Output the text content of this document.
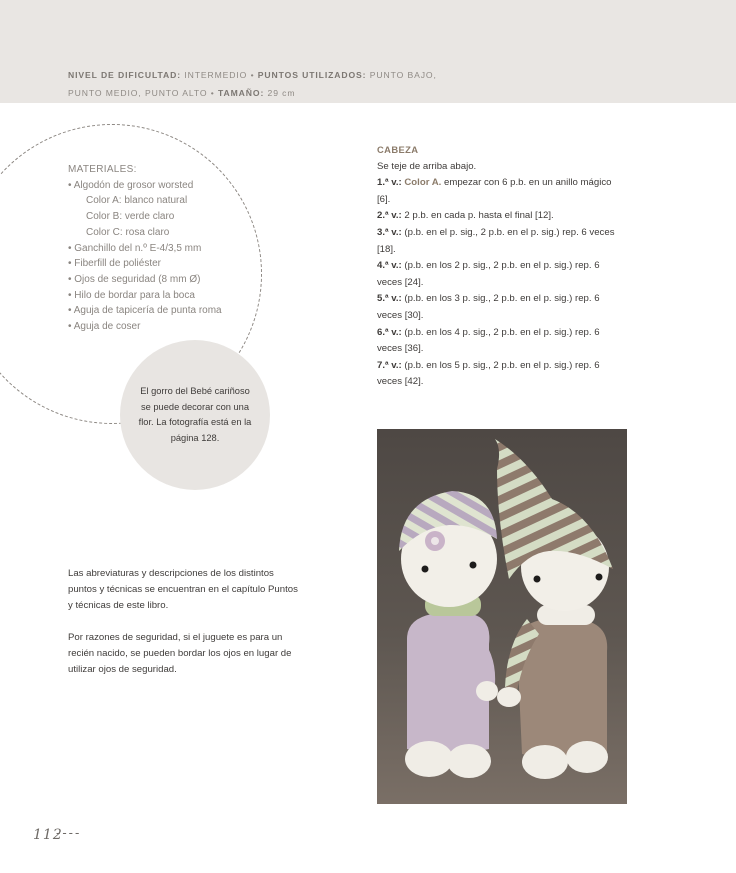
NIVEL DE DIFICULTAD: INTERMEDIO • PUNTOS UTILIZADOS: PUNTO BAJO,
PUNTO MEDIO, PUNTO ALTO • TAMAÑO: 29 cm
MATERIALES:
• Algodón de grosor worsted
Color A: blanco natural
Color B: verde claro
Color C: rosa claro
• Ganchillo del n.º E-4/3,5 mm
• Fiberfill de poliéster
• Ojos de seguridad (8 mm Ø)
• Hilo de bordar para la boca
• Aguja de tapicería de punta roma
• Aguja de coser
El gorro del Bebé cariñoso se puede decorar con una flor. La fotografía está en la página 128.
CABEZA
Se teje de arriba abajo.
1.ª v.: Color A. empezar con 6 p.b. en un anillo mágico [6].
2.ª v.: 2 p.b. en cada p. hasta el final [12].
3.ª v.: (p.b. en el p. sig., 2 p.b. en el p. sig.) rep. 6 veces [18].
4.ª v.: (p.b. en los 2 p. sig., 2 p.b. en el p. sig.) rep. 6 veces [24].
5.ª v.: (p.b. en los 3 p. sig., 2 p.b. en el p. sig.) rep. 6 veces [30].
6.ª v.: (p.b. en los 4 p. sig., 2 p.b. en el p. sig.) rep. 6 veces [36].
7.ª v.: (p.b. en los 5 p. sig., 2 p.b. en el p. sig.) rep. 6 veces [42].

Las abreviaturas y descripciones de los distintos puntos y técnicas se encuentran en el capítulo Puntos y técnicas de este libro.

Por razones de seguridad, si el juguete es para un recién nacido, se pueden bordar los ojos en lugar de utilizar ojos de seguridad.

112
----
